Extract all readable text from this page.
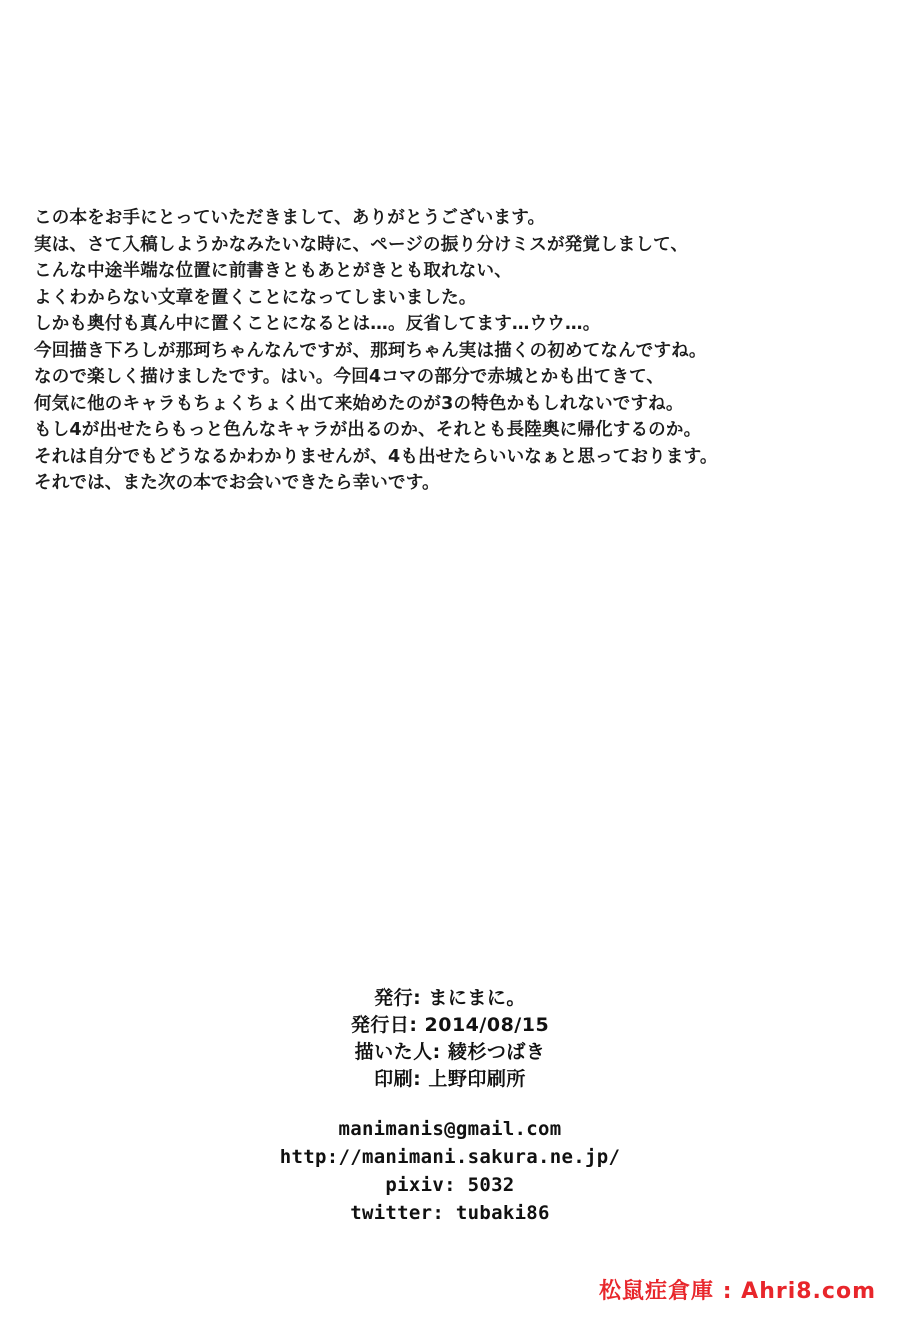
この本をお手にとっていただきまして、ありがとうございます。

実は、さて入稿しようかなみたいな時に、ページの振り分けミスが発覚しまして、

こんな中途半端な位置に前書きともあとがきとも取れない、

よくわからない文章を置くことになってしまいました。

しかも奥付も真ん中に置くことになるとは…。反省してます…ウウ…。

今回描き下ろしが那珂ちゃんなんですが、那珂ちゃん実は描くの初めてなんですね。

なので楽しく描けましたです。はい。今回4コマの部分で赤城とかも出てきて、

何気に他のキャラもちょくちょく出て来始めたのが3の特色かもしれないですね。

もし4が出せたらもっと色んなキャラが出るのか、それとも長陸奥に帰化するのか。

それは自分でもどうなるかわかりませんが、4も出せたらいいなぁと思っております。

それでは、また次の本でお会いできたら幸いです。

発行: まにまに。
発行日: 2014/08/15
描いた人: 綾杉つばき
印刷: 上野印刷所
manimanis@gmail.com
http://manimani.sakura.ne.jp/
pixiv: 5032
twitter: tubaki86
松鼠症倉庫 : Ahri8.com
